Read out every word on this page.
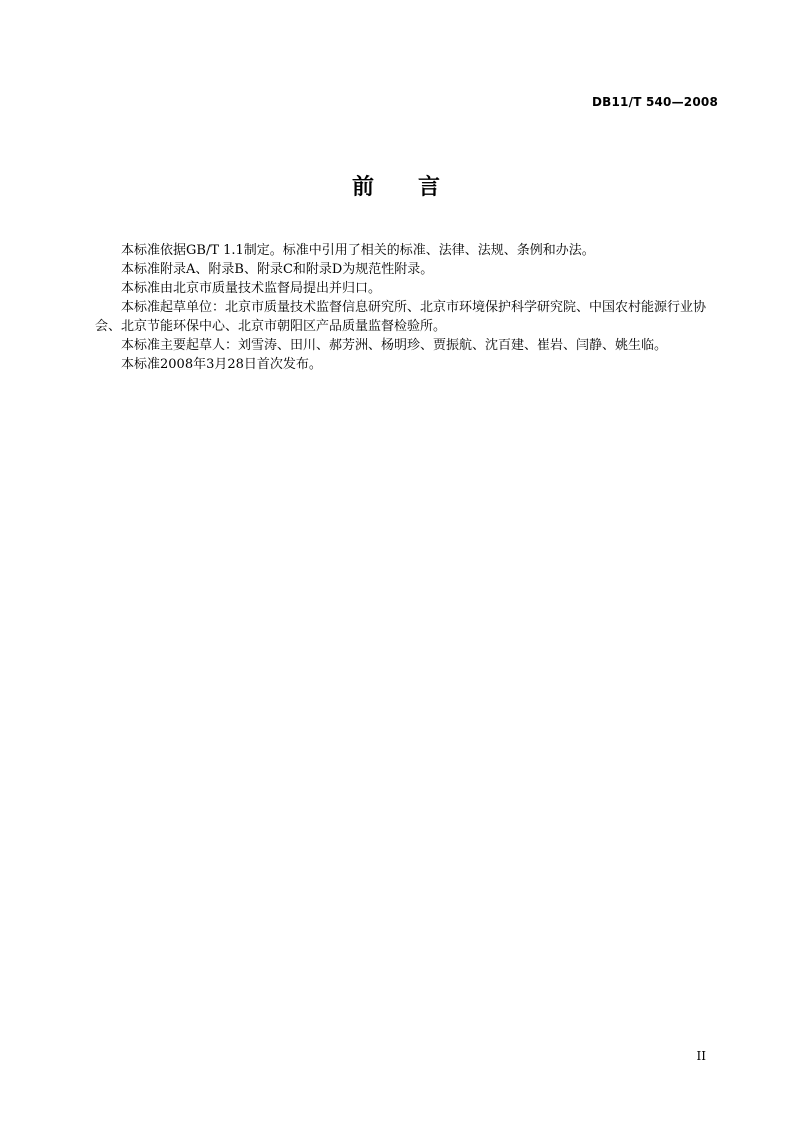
DB11/T 540—2008
前 言

本标准依据GB/T 1.1制定。标准中引用了相关的标准、法律、法规、条例和办法。

本标准附录A、附录B、附录C和附录D为规范性附录。

本标准由北京市质量技术监督局提出并归口。

本标准起草单位：北京市质量技术监督信息研究所、北京市环境保护科学研究院、中国农村能源行业协会、北京节能环保中心、北京市朝阳区产品质量监督检验所。

本标准主要起草人：刘雪涛、田川、郝芳洲、杨明珍、贾振航、沈百建、崔岩、闫静、姚生临。

本标准2008年3月28日首次发布。

II
